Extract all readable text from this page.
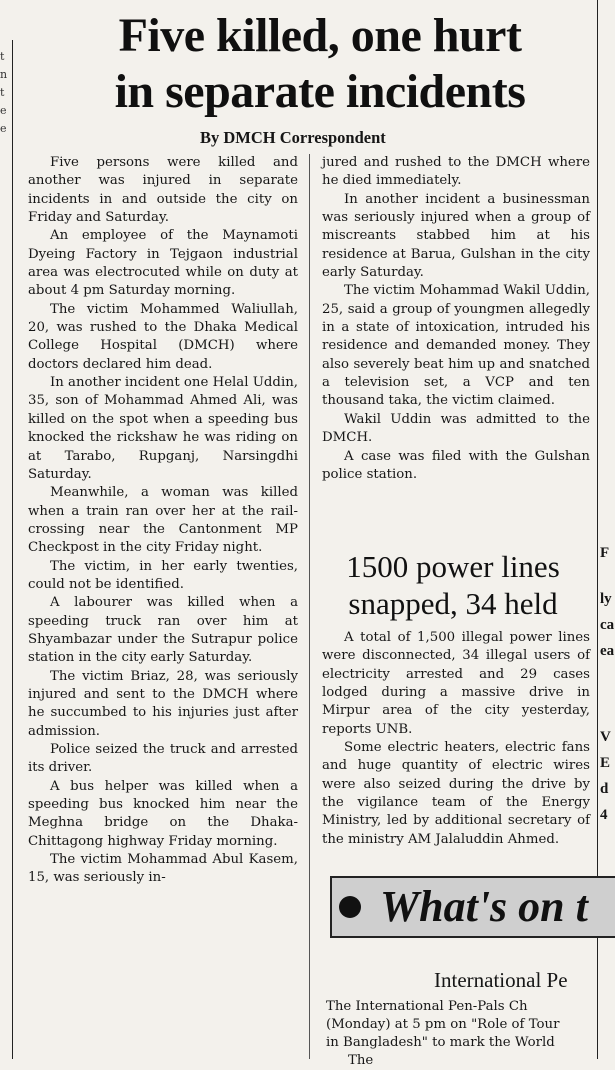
t
n
t
e
e
F
ly
ca
ea
V
E
d
4
Five killed, one hurt
in separate incidents
By DMCH Correspondent

Five persons were killed and another was injured in separate incidents in and outside the city on Friday and Saturday.

An employee of the Maynamoti Dyeing Factory in Tejgaon industrial area was electrocuted while on duty at about 4 pm Saturday morning.

The victim Mohammed Waliullah, 20, was rushed to the Dhaka Medical College Hospital (DMCH) where doctors declared him dead.

In another incident one Helal Uddin, 35, son of Mohammad Ahmed Ali, was killed on the spot when a speeding bus knocked the rickshaw he was riding on at Tarabo, Rupganj, Narsingdhi Saturday.

Meanwhile, a woman was killed when a train ran over her at the rail-crossing near the Cantonment MP Checkpost in the city Friday night.

The victim, in her early twenties, could not be identified.

A labourer was killed when a speeding truck ran over him at Shyambazar under the Sutrapur police station in the city early Saturday.

The victim Briaz, 28, was seriously injured and sent to the DMCH where he succumbed to his injuries just after admission.

Police seized the truck and arrested its driver.

A bus helper was killed when a speeding bus knocked him near the Meghna bridge on the Dhaka-Chittagong highway Friday morning.

The victim Mohammad Abul Kasem, 15, was seriously in-

jured and rushed to the DMCH where he died immediately.

In another incident a businessman was seriously injured when a group of miscreants stabbed him at his residence at Barua, Gulshan in the city early Saturday.

The victim Mohammad Wakil Uddin, 25, said a group of youngmen allegedly in a state of intoxication, intruded his residence and demanded money. They also severely beat him up and snatched a television set, a VCP and ten thousand taka, the victim claimed.

Wakil Uddin was admitted to the DMCH.

A case was filed with the Gulshan police station.

1500 power lines
snapped, 34 held

A total of 1,500 illegal power lines were disconnected, 34 illegal users of electricity arrested and 29 cases lodged during a massive drive in Mirpur area of the city yesterday, reports UNB.

Some electric heaters, electric fans and huge quantity of electric wires were also seized during the drive by the vigilance team of the Energy Ministry, led by additional secretary of the ministry AM Jalaluddin Ahmed.

What's on t
International Pe
The International Pen-Pals Ch
(Monday) at 5 pm on "Role of Tour
in Bangladesh" to mark the World
The
